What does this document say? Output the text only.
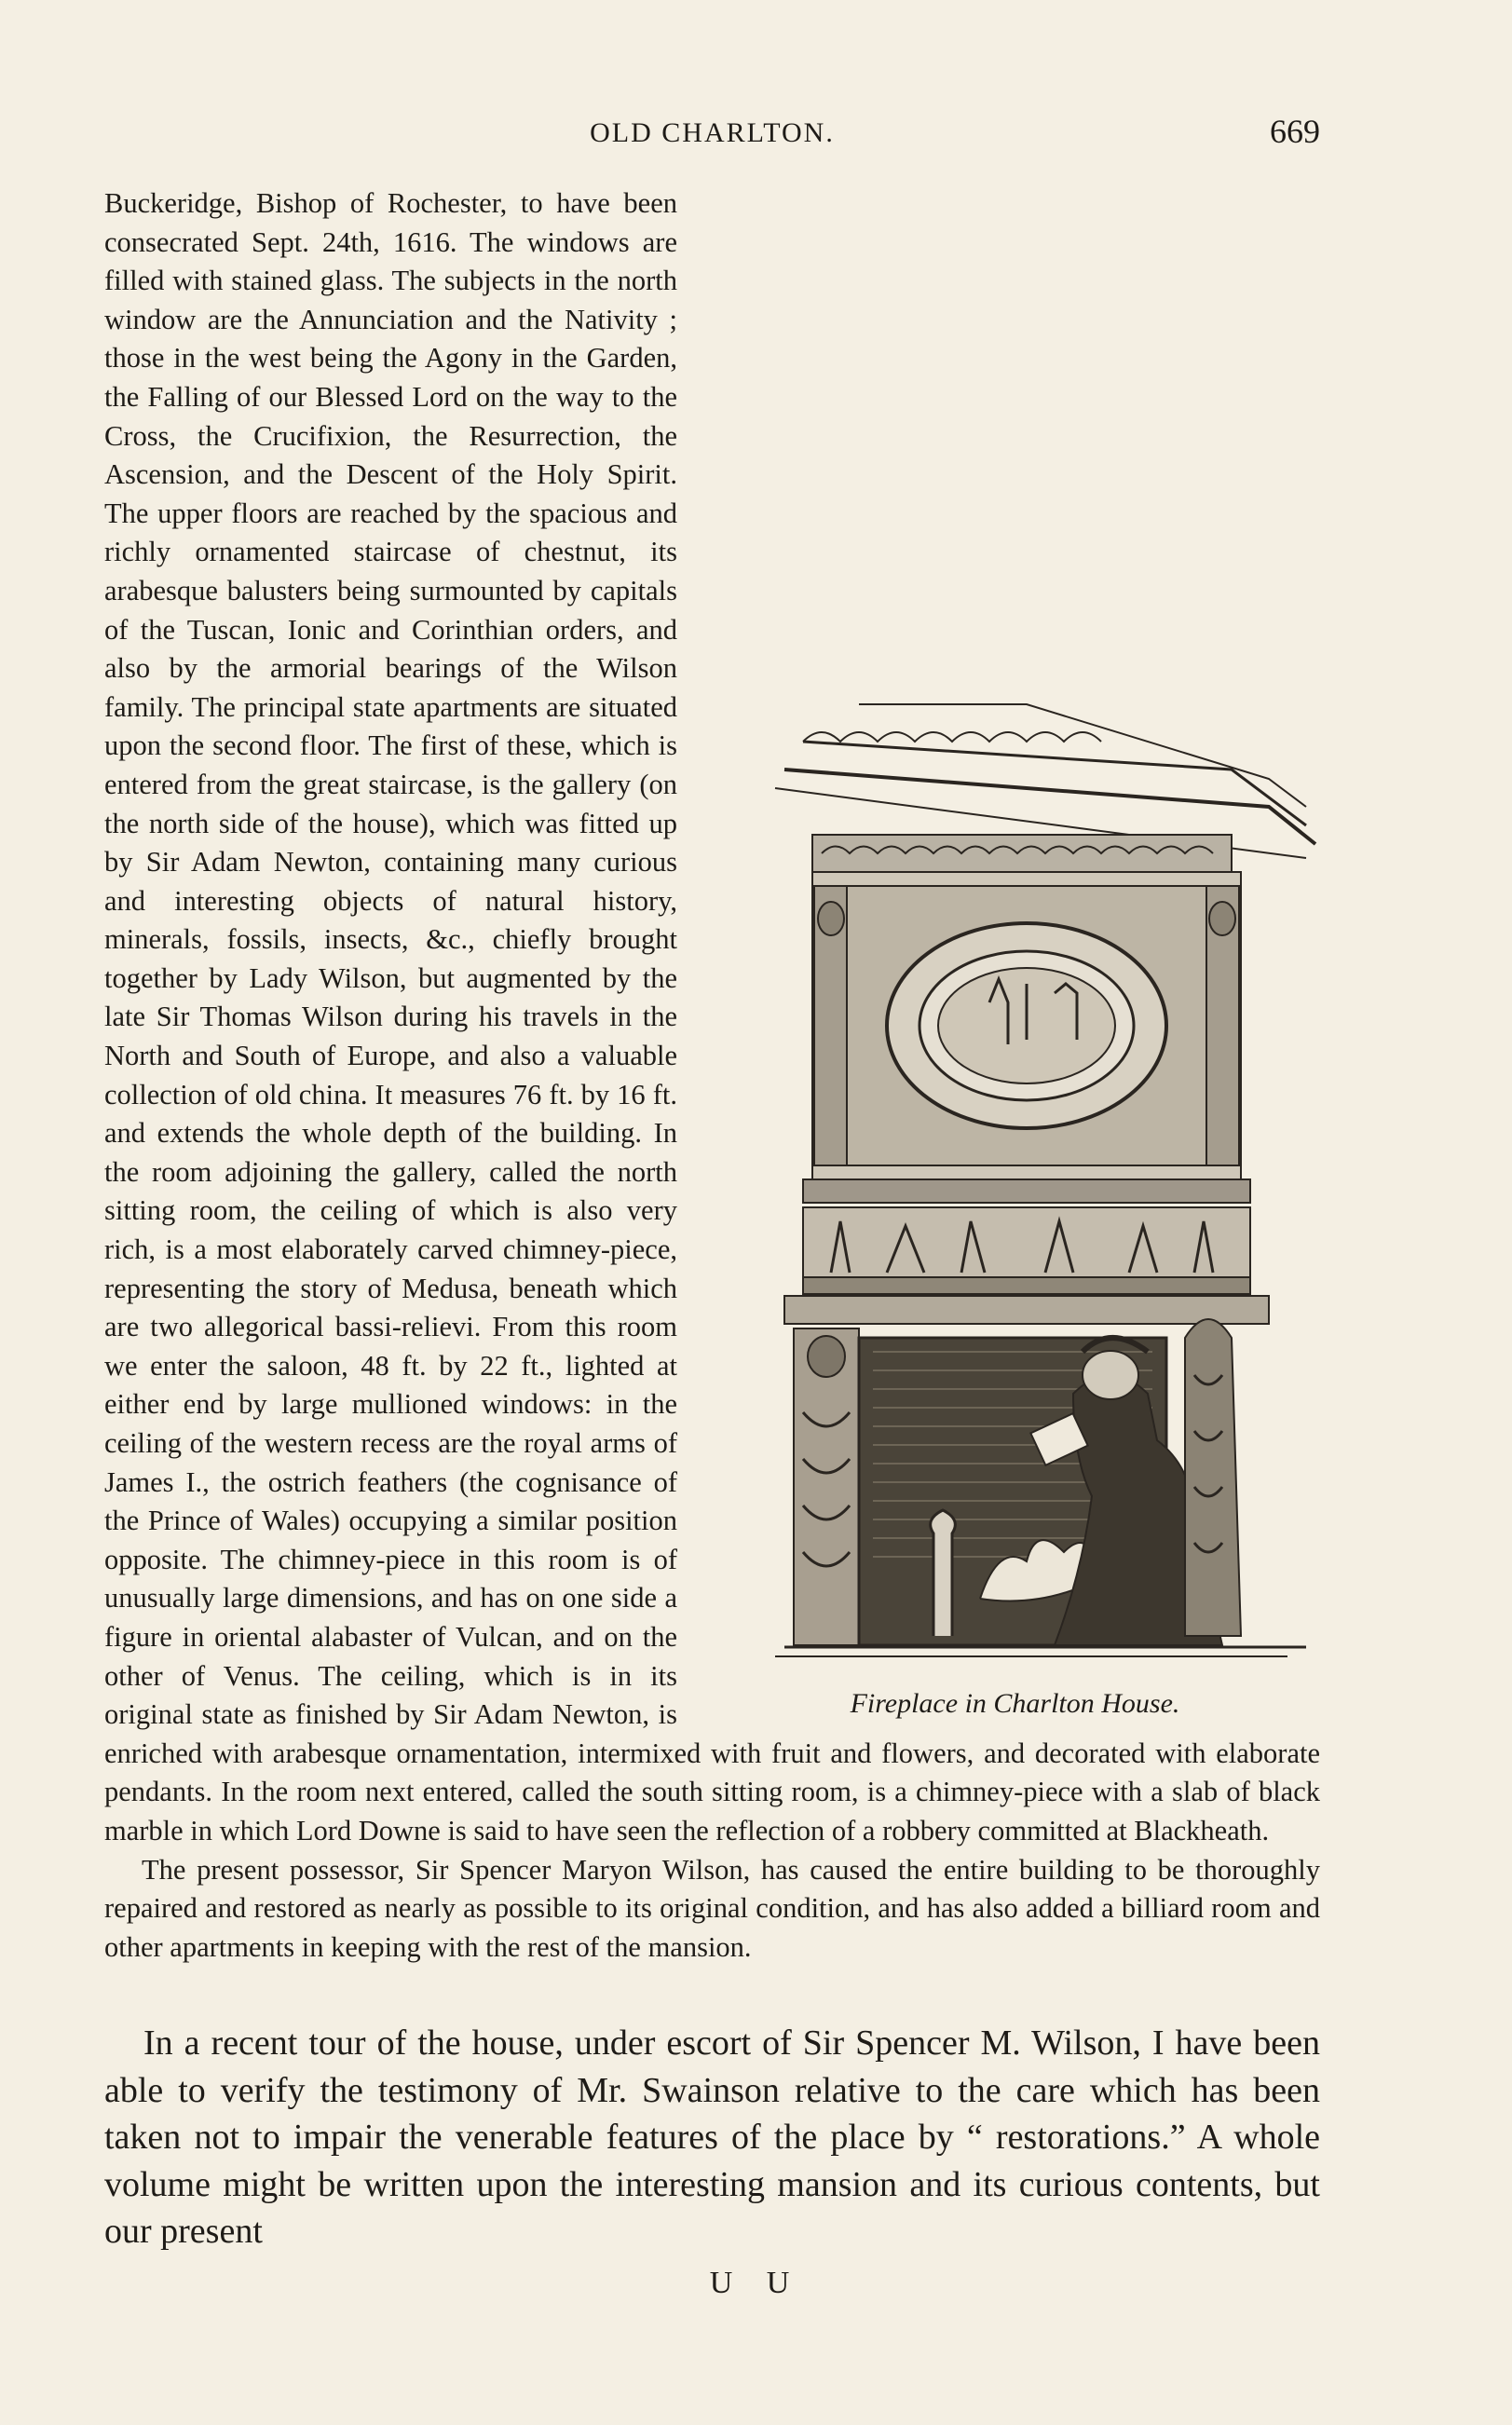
OLD CHARLTON.	669
Fireplace in Charlton House.

Buckeridge, Bishop of Rochester, to have been consecrated Sept. 24th, 1616. The windows are filled with stained glass. The subjects in the north window are the Annunciation and the Nativity ; those in the west being the Agony in the Garden, the Falling of our Blessed Lord on the way to the Cross, the Crucifixion, the Resurrection, the Ascension, and the Descent of the Holy Spirit. The upper floors are reached by the spacious and richly ornamented staircase of chestnut, its arabesque balusters being surmounted by capitals of the Tuscan, Ionic and Corinthian orders, and also by the armorial bearings of the Wilson family. The principal state apartments are situated upon the second floor. The first of these, which is entered from the great staircase, is the gallery (on the north side of the house), which was fitted up by Sir Adam Newton, containing many curious and interesting objects of natural history, minerals, fossils, insects, &c., chiefly brought together by Lady Wilson, but augmented by the late Sir Thomas Wilson during his travels in the North and South of Europe, and also a valuable collection of old china. It measures 76 ft. by 16 ft. and extends the whole depth of the building. In the room adjoining the gallery, called the north sitting room, the ceiling of which is also very rich, is a most elaborately carved chimney-piece, representing the story of Medusa, beneath which are two allegorical bassi-relievi. From this room we enter the saloon, 48 ft. by 22 ft., lighted at either end by large mullioned windows: in the ceiling of the western recess are the royal arms of James I., the ostrich feathers (the cognisance of the Prince of Wales) occupying a similar position opposite. The chimney-piece in this room is of unusually large dimensions, and has on one side a figure in oriental alabaster of Vulcan, and on the other of Venus. The ceiling, which is in its original state as finished by Sir Adam Newton, is enriched with arabesque ornamentation, intermixed with fruit and flowers, and decorated with elaborate pendants. In the room next entered, called the south sitting room, is a chimney-piece with a slab of black marble in which Lord Downe is said to have seen the reflection of a robbery committed at Blackheath.

The present possessor, Sir Spencer Maryon Wilson, has caused the entire building to be thoroughly repaired and restored as nearly as possible to its original condition, and has also added a billiard room and other apartments in keeping with the rest of the mansion.

In a recent tour of the house, under escort of Sir Spencer M. Wilson, I have been able to verify the testimony of Mr. Swainson relative to the care which has been taken not to impair the venerable features of the place by “ restorations.” A whole volume might be written upon the interesting mansion and its curious contents, but our present

U U
